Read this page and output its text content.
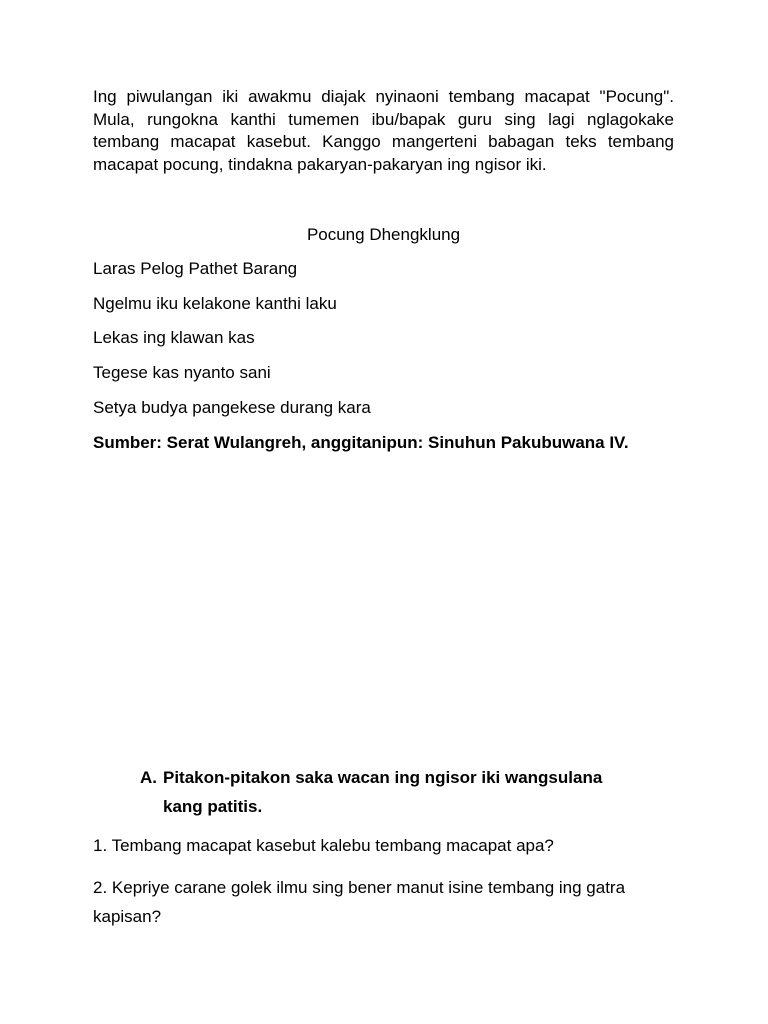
Ing piwulangan iki awakmu diajak nyinaoni tembang macapat "Pocung". Mula, rungokna kanthi tumemen ibu/bapak guru sing lagi nglagokake tembang macapat kasebut. Kanggo mangerteni babagan teks tembang macapat pocung, tindakna pakaryan-pakaryan ing ngisor iki.

Pocung Dhengklung

Laras Pelog Pathet Barang

Ngelmu iku kelakone kanthi laku

Lekas ing klawan kas

Tegese kas nyanto sani

Setya budya pangekese durang kara

Sumber: Serat Wulangreh, anggitanipun: Sinuhun Pakubuwana IV.

A. Pitakon-pitakon saka wacan ing ngisor iki wangsulana
kang patitis.

1. Tembang macapat kasebut kalebu tembang macapat apa?

2. Kepriye carane golek ilmu sing bener manut isine tembang ing gatra kapisan?
